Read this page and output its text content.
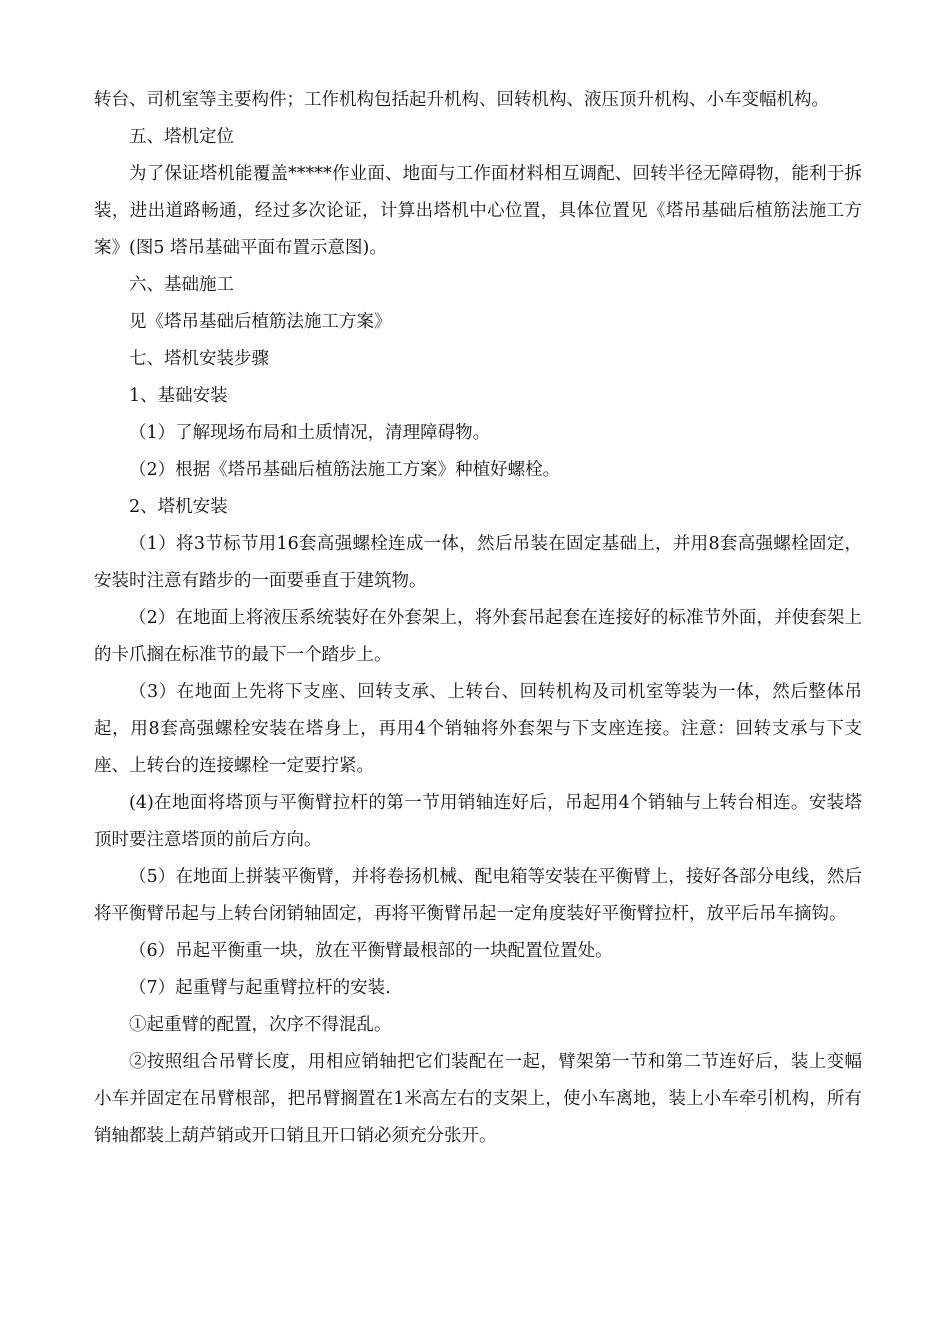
转台、司机室等主要构件；工作机构包括起升机构、回转机构、液压顶升机构、小车变幅机构。

五、塔机定位

为了保证塔机能覆盖*****作业面、地面与工作面材料相互调配、回转半径无障碍物，能利于拆装，进出道路畅通，经过多次论证，计算出塔机中心位置，具体位置见《塔吊基础后植筋法施工方案》(图5 塔吊基础平面布置示意图)。

六、基础施工

见《塔吊基础后植筋法施工方案》

七、塔机安装步骤

1、基础安装

（1）了解现场布局和土质情况，清理障碍物。

（2）根据《塔吊基础后植筋法施工方案》种植好螺栓。

2、塔机安装

（1）将3节标节用16套高强螺栓连成一体，然后吊装在固定基础上，并用8套高强螺栓固定，安装时注意有踏步的一面要垂直于建筑物。

（2）在地面上将液压系统装好在外套架上，将外套吊起套在连接好的标准节外面，并使套架上的卡爪搁在标准节的最下一个踏步上。

（3）在地面上先将下支座、回转支承、上转台、回转机构及司机室等装为一体，然后整体吊起，用8套高强螺栓安装在塔身上，再用4个销轴将外套架与下支座连接。注意：回转支承与下支座、上转台的连接螺栓一定要拧紧。

(4)在地面将塔顶与平衡臂拉杆的第一节用销轴连好后，吊起用4个销轴与上转台相连。安装塔顶时要注意塔顶的前后方向。

（5）在地面上拼装平衡臂，并将卷扬机械、配电箱等安装在平衡臂上，接好各部分电线，然后将平衡臂吊起与上转台闭销轴固定，再将平衡臂吊起一定角度装好平衡臂拉杆，放平后吊车摘钩。

（6）吊起平衡重一块，放在平衡臂最根部的一块配置位置处。

（7）起重臂与起重臂拉杆的安装.

①起重臂的配置，次序不得混乱。

②按照组合吊臂长度，用相应销轴把它们装配在一起，臂架第一节和第二节连好后，装上变幅小车并固定在吊臂根部，把吊臂搁置在1米高左右的支架上，使小车离地，装上小车牵引机构，所有销轴都装上葫芦销或开口销且开口销必须充分张开。
